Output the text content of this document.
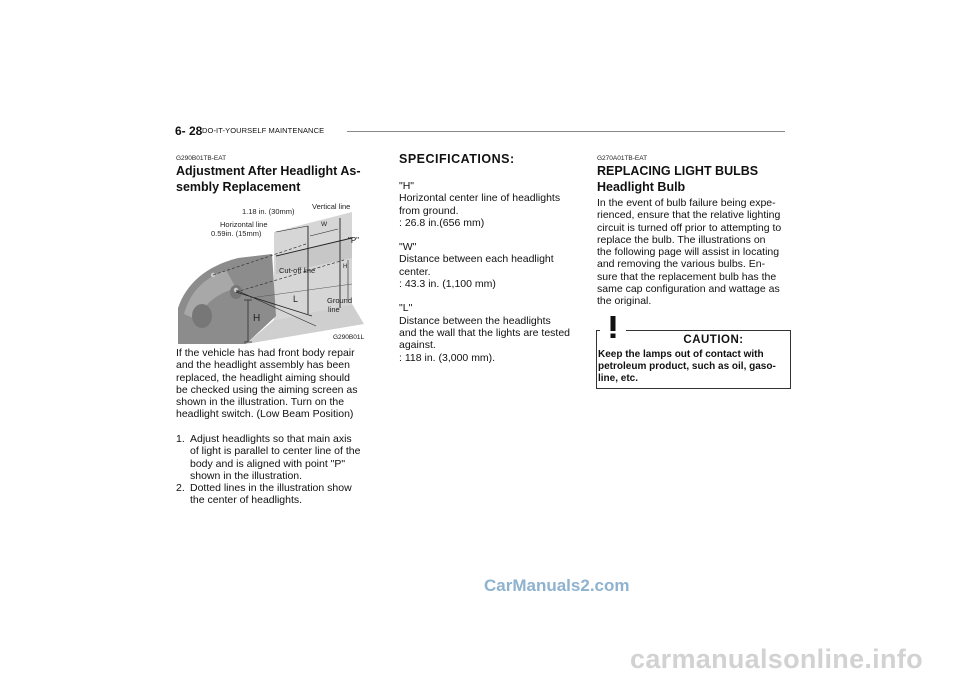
6- 28 DO-IT-YOURSELF MAINTENANCE
G290B01TB-EAT
Adjustment After Headlight As-
sembly Replacement
1.18 in. (30mm)
Vertical line
Horizontal line
0.59in. (15mm)
W
"P"
H
Cut-off line
L	Ground
line
H
G290B01L
If the vehicle has had front body repair
and the headlight assembly has been
replaced, the headlight aiming should
be checked using the aiming screen as
shown in the illustration. Turn on the
headlight switch. (Low Beam Position)
1. Adjust headlights so that main axis
of light is parallel to center line of the
body and is aligned with point "P"
shown in the illustration.
2. Dotted lines in the illustration show
the center of headlights.
SPECIFICATIONS:

"H"
Horizontal center line of headlights
from ground.
: 26.8 in.(656 mm)

"W"
Distance between each headlight
center.
: 43.3 in. (1,100 mm)

"L"
Distance between the headlights
and the wall that the lights are tested
against.
: 118 in. (3,000 mm).

G270A01TB-EAT
REPLACING LIGHT BULBS
Headlight Bulb
In the event of bulb failure being expe-
rienced, ensure that the relative lighting
circuit is turned off prior to attempting to
replace the bulb. The illustrations on
the following page will assist in locating
and removing the various bulbs. En-
sure that the replacement bulb has the
same cap configuration and wattage as
the original.
CAUTION:
Keep the lamps out of contact with
petroleum product, such as oil, gaso-
line, etc.
CarManuals2.com
carmanualsonline.info
